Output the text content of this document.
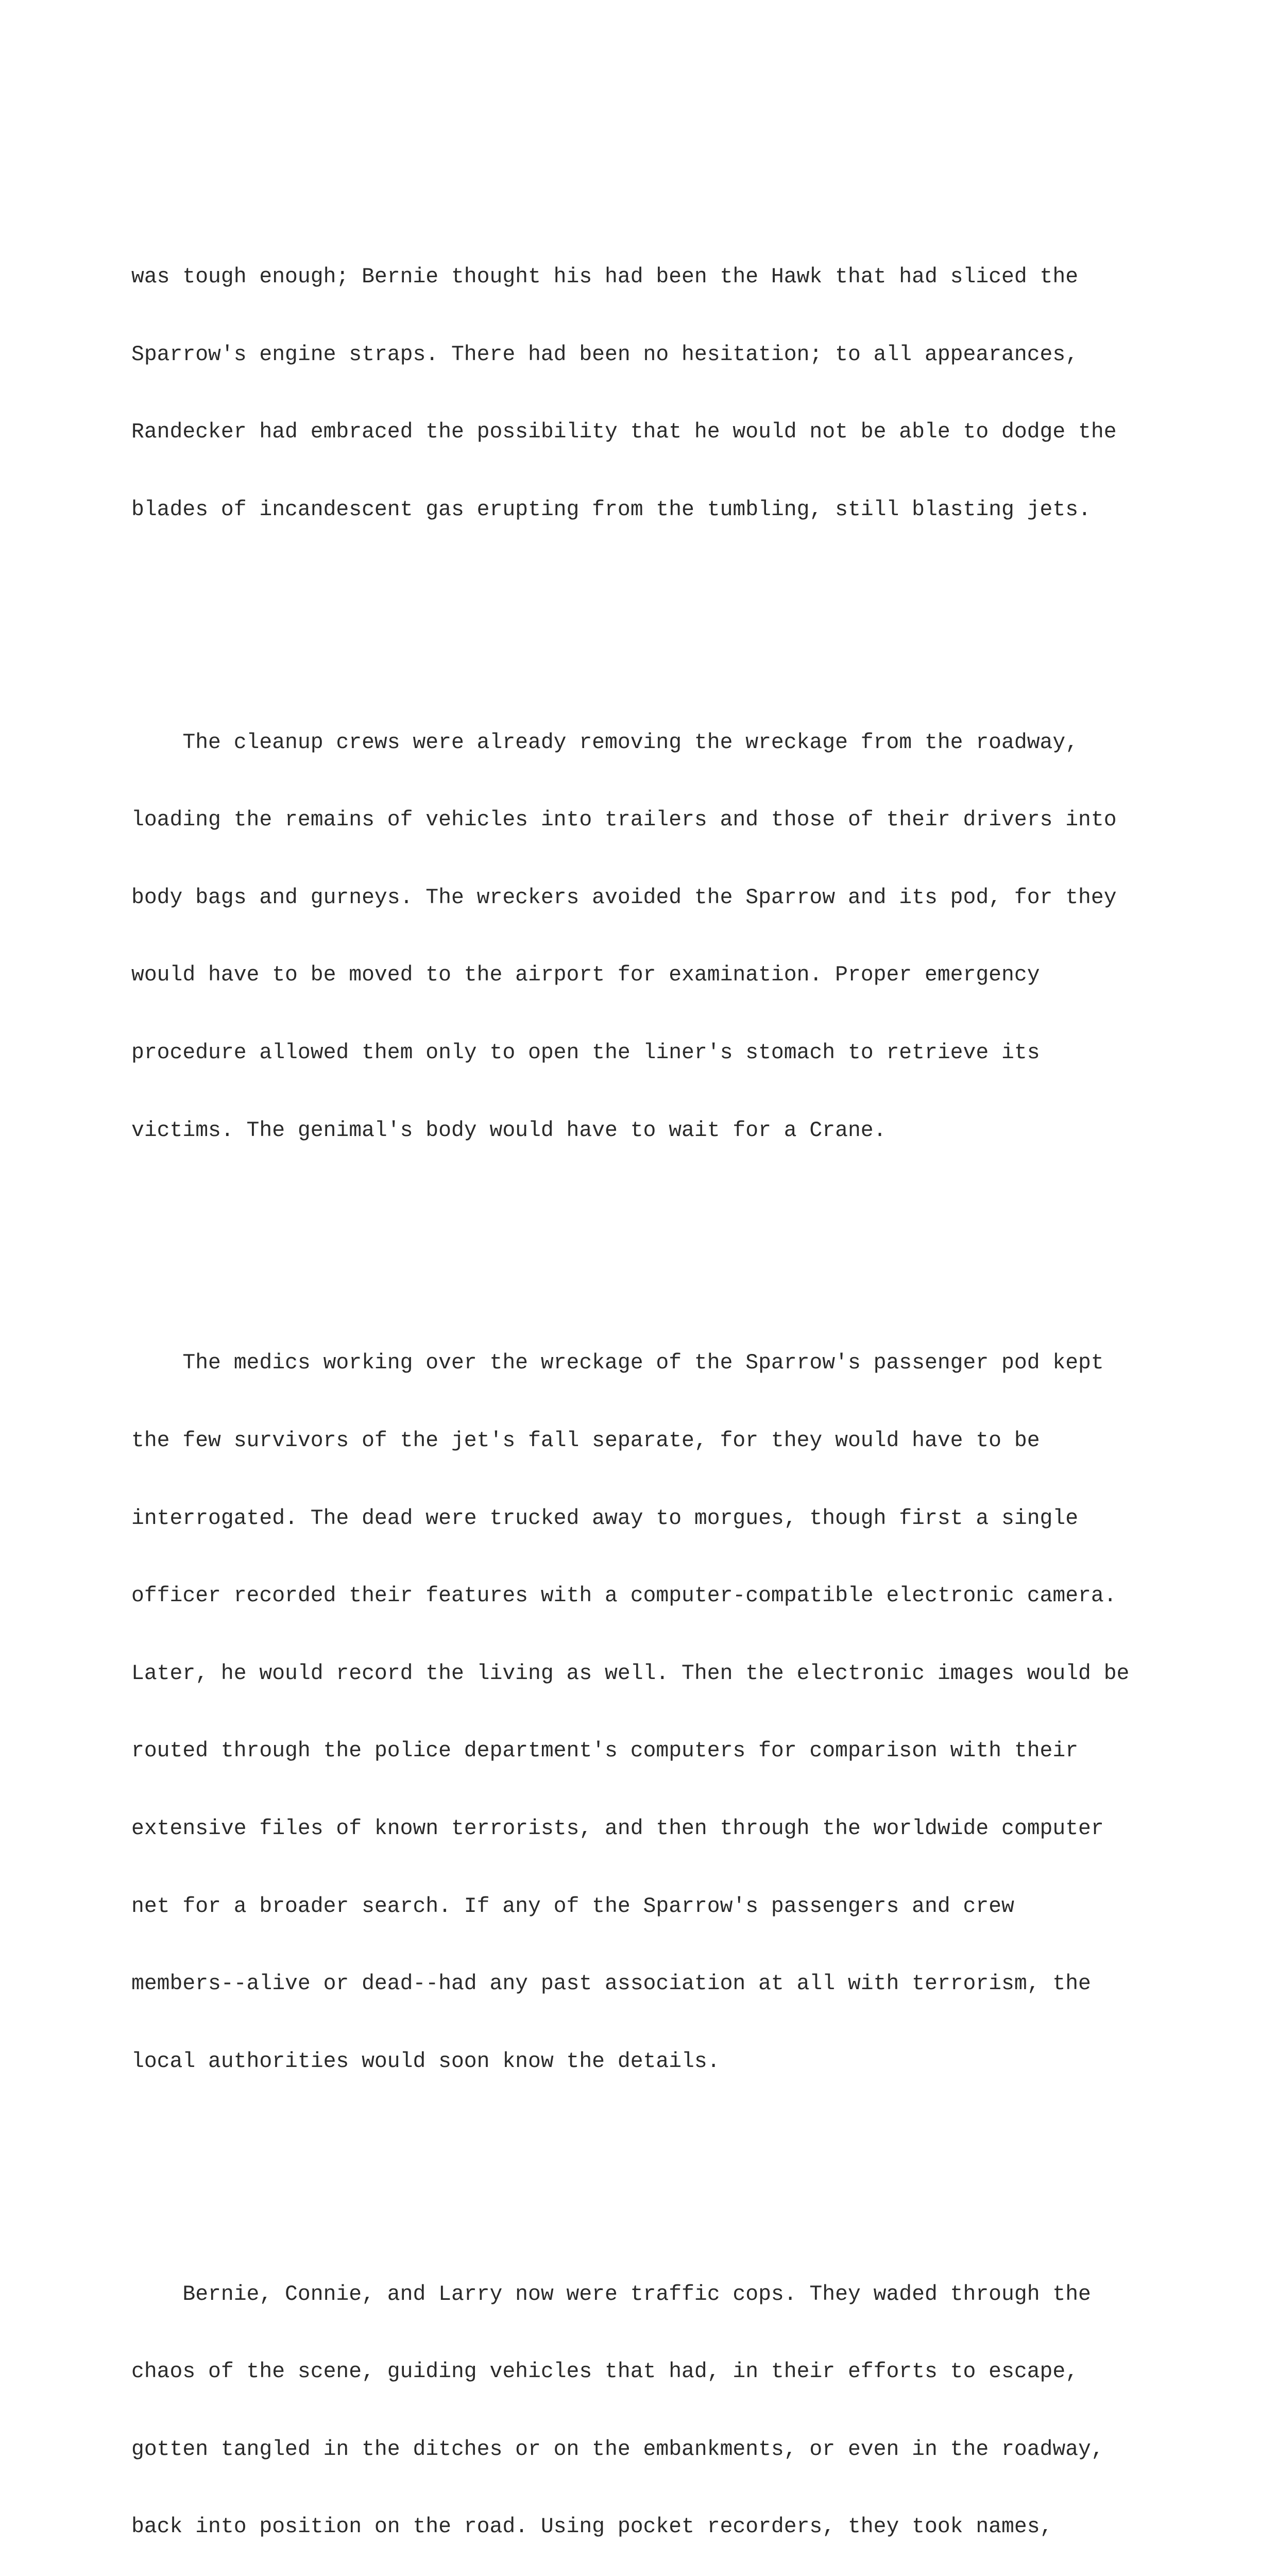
was tough enough; Bernie thought his had been the Hawk that had sliced the

Sparrow's engine straps. There had been no hesitation; to all appearances,

Randecker had embraced the possibility that he would not be able to dodge the

blades of incandescent gas erupting from the tumbling, still blasting jets.

The cleanup crews were already removing the wreckage from the roadway,

loading the remains of vehicles into trailers and those of their drivers into

body bags and gurneys. The wreckers avoided the Sparrow and its pod, for they

would have to be moved to the airport for examination. Proper emergency

procedure allowed them only to open the liner's stomach to retrieve its

victims. The genimal's body would have to wait for a Crane.

The medics working over the wreckage of the Sparrow's passenger pod kept

the few survivors of the jet's fall separate, for they would have to be

interrogated. The dead were trucked away to morgues, though first a single

officer recorded their features with a computer-compatible electronic camera.

Later, he would record the living as well. Then the electronic images would be

routed through the police department's computers for comparison with their

extensive files of known terrorists, and then through the worldwide computer

net for a broader search. If any of the Sparrow's passengers and crew

members--alive or dead--had any past association at all with terrorism, the

local authorities would soon know the details.

Bernie, Connie, and Larry now were traffic cops. They waded through the

chaos of the scene, guiding vehicles that had, in their efforts to escape,

gotten tangled in the ditches or on the embankments, or even in the roadway,

back into position on the road. Using pocket recorders, they took names,
